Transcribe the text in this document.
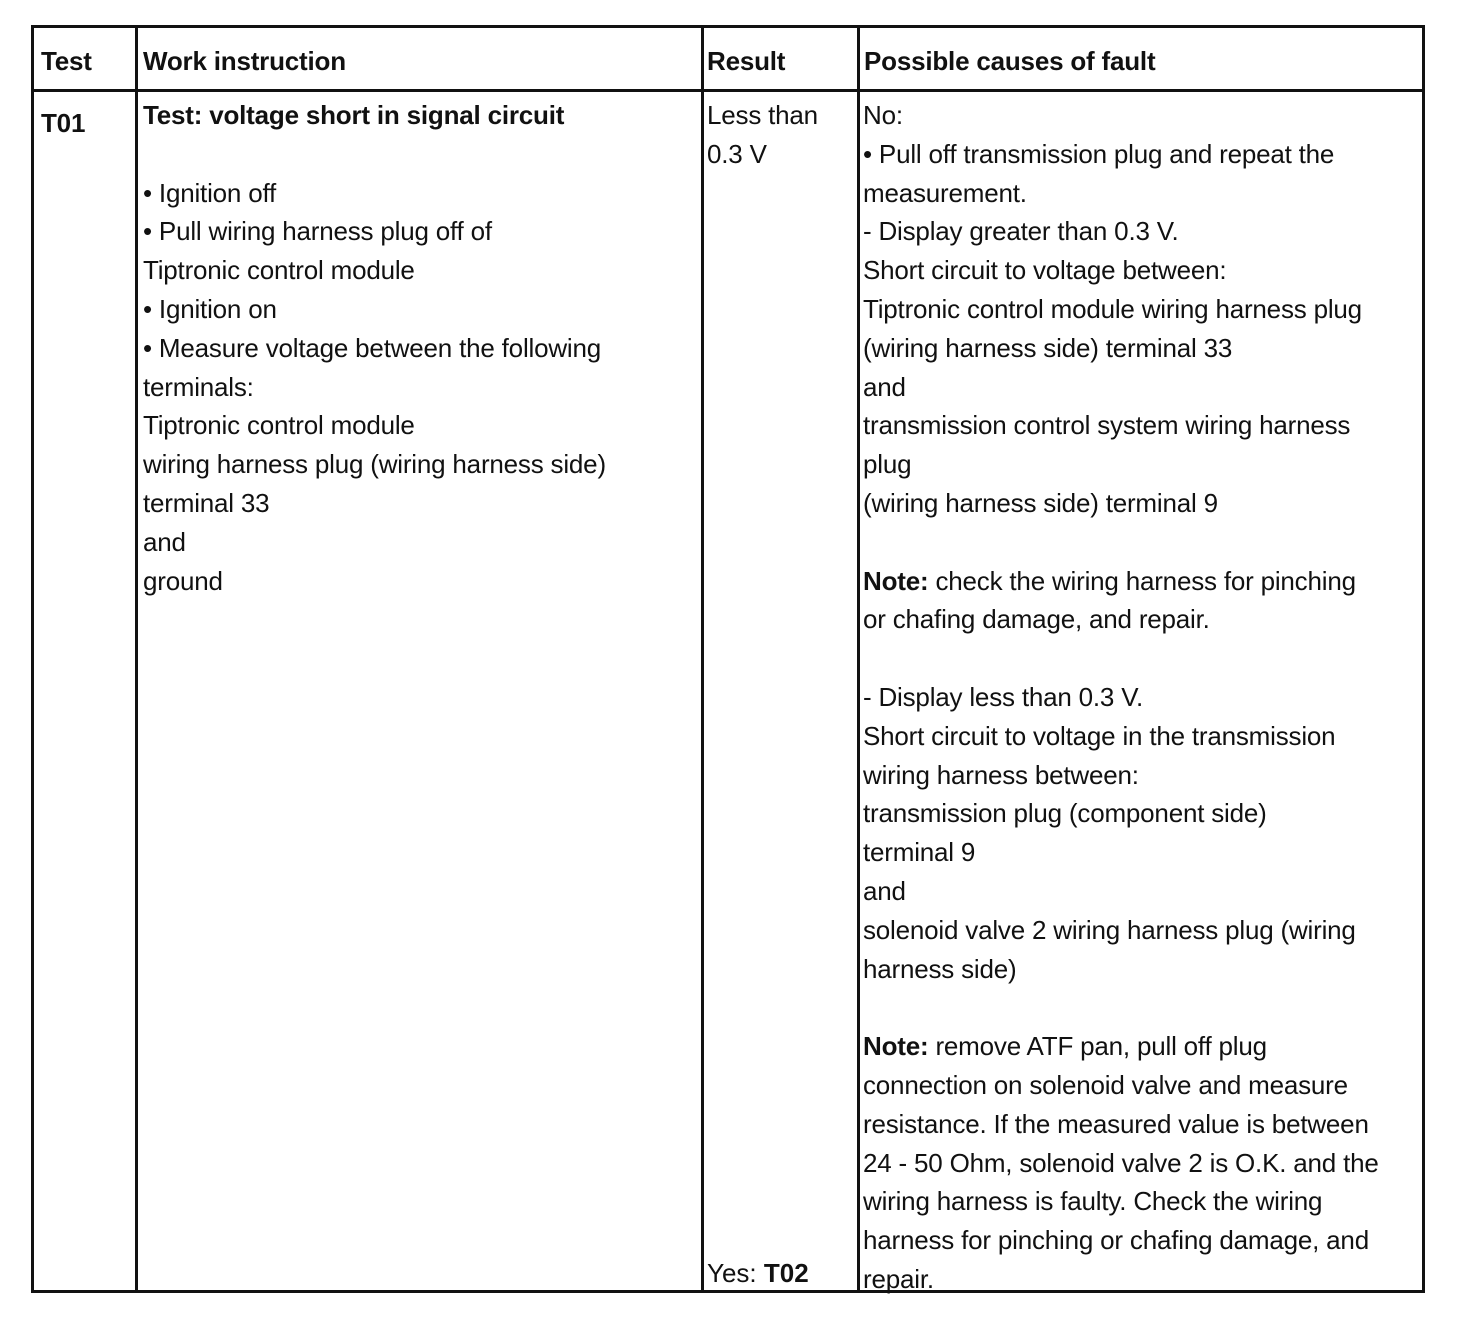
Test Work instruction	Result	Possible causes of fault
T01 Test: voltage short in signal circuit
• Ignition off
• Pull wiring harness plug off of
Tiptronic control module
• Ignition on
• Measure voltage between the following
terminals:
Tiptronic control module
wiring harness plug (wiring harness side)
terminal 33
and
ground
Less than
0.3 V
Yes: T02
No:
• Pull off transmission plug and repeat the
measurement.
- Display greater than 0.3 V.
Short circuit to voltage between:
Tiptronic control module wiring harness plug
(wiring harness side) terminal 33
and
transmission control system wiring harness
plug
(wiring harness side) terminal 9
Note: check the wiring harness for pinching
or chafing damage, and repair.
- Display less than 0.3 V.
Short circuit to voltage in the transmission
wiring harness between:
transmission plug (component side)
terminal 9
and
solenoid valve 2 wiring harness plug (wiring
harness side)
Note: remove ATF pan, pull off plug
connection on solenoid valve and measure
resistance. If the measured value is between
24 - 50 Ohm, solenoid valve 2 is O.K. and the
wiring harness is faulty. Check the wiring
harness for pinching or chafing damage, and
repair.
